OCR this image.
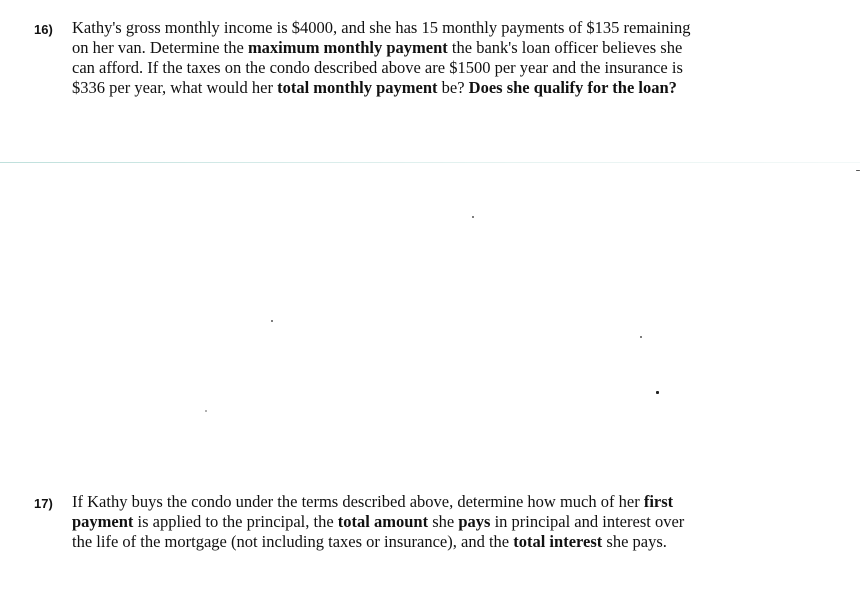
16) Kathy's gross monthly income is $4000, and she has 15 monthly payments of $135 remaining
on her van. Determine the maximum monthly payment the bank's loan officer believes she
can afford. If the taxes on the condo described above are $1500 per year and the insurance is
$336 per year, what would her total monthly payment be? Does she qualify for the loan?
17) If Kathy buys the condo under the terms described above, determine how much of her first
payment is applied to the principal, the total amount she pays in principal and interest over
the life of the mortgage (not including taxes or insurance), and the total interest she pays.
